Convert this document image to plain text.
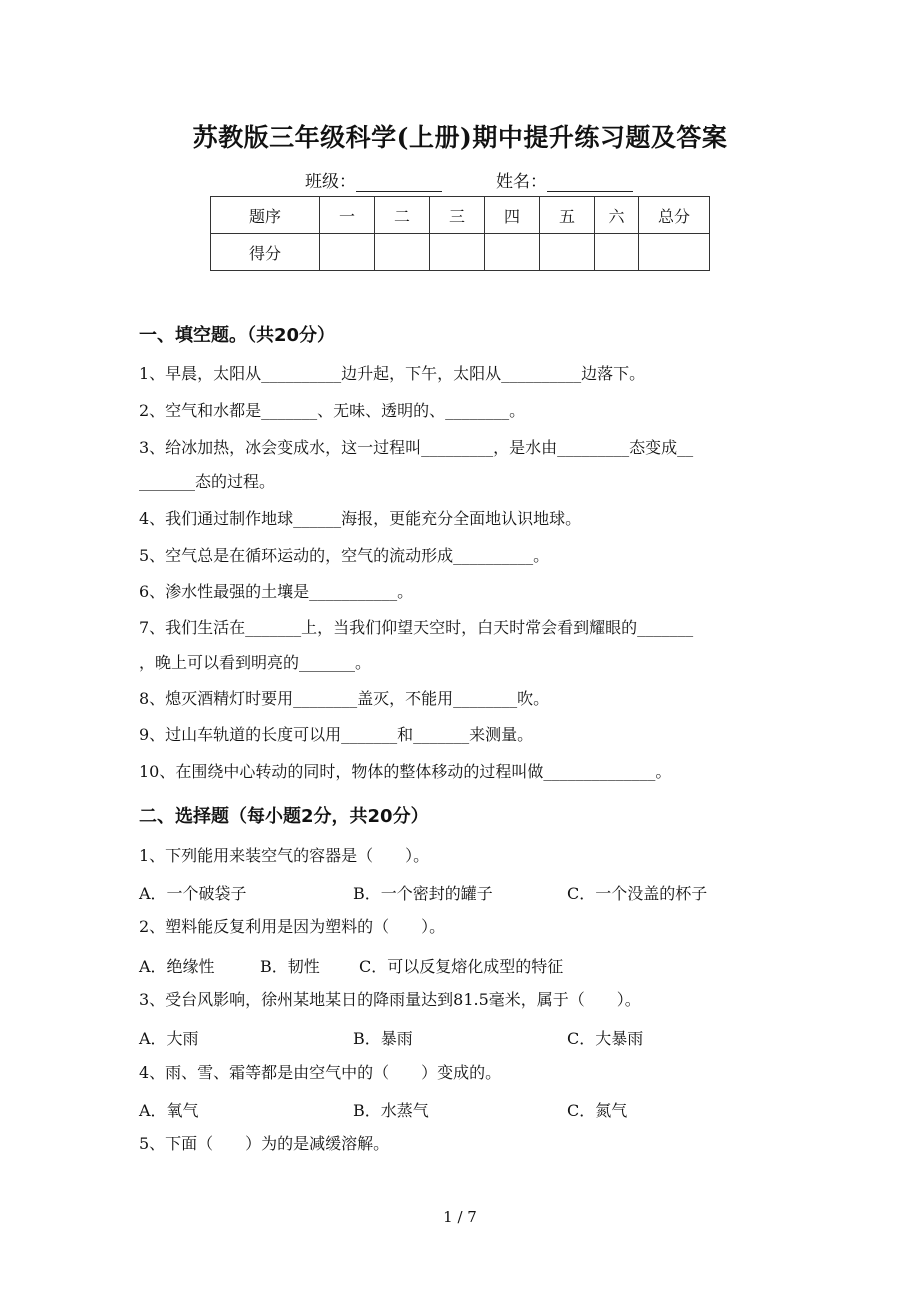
苏教版三年级科学(上册)期中提升练习题及答案
班级：	姓名：
题序	一	二	三	四	五	六	总分
得分							
一、填空题。（共20分）
1、早晨，太阳从__________边升起，下午，太阳从__________边落下。
2、空气和水都是_______、无味、透明的、________。
3、给冰加热，冰会变成水，这一过程叫_________，是水由_________态变成__
_______态的过程。
4、我们通过制作地球______海报，更能充分全面地认识地球。
5、空气总是在循环运动的，空气的流动形成__________。
6、渗水性最强的土壤是___________。
7、我们生活在_______上，当我们仰望天空时，白天时常会看到耀眼的_______
，晚上可以看到明亮的_______。
8、熄灭酒精灯时要用________盖灭，不能用________吹。
9、过山车轨道的长度可以用_______和_______来测量。
10、在围绕中心转动的同时，物体的整体移动的过程叫做______________。
二、选择题（每小题2分，共20分）
1、下列能用来装空气的容器是（　　）。
A．一个破袋子	B．一个密封的罐子	C．一个没盖的杯子
2、塑料能反复利用是因为塑料的（　　）。
A．绝缘性	B．韧性 C．可以反复熔化成型的特征
3、受台风影响，徐州某地某日的降雨量达到81.5毫米，属于（　　）。
A．大雨	B．暴雨	C．大暴雨
4、雨、雪、霜等都是由空气中的（　　）变成的。
A．氧气	B．水蒸气	C．氮气
5、下面（　　）为的是减缓溶解。
1 / 7
